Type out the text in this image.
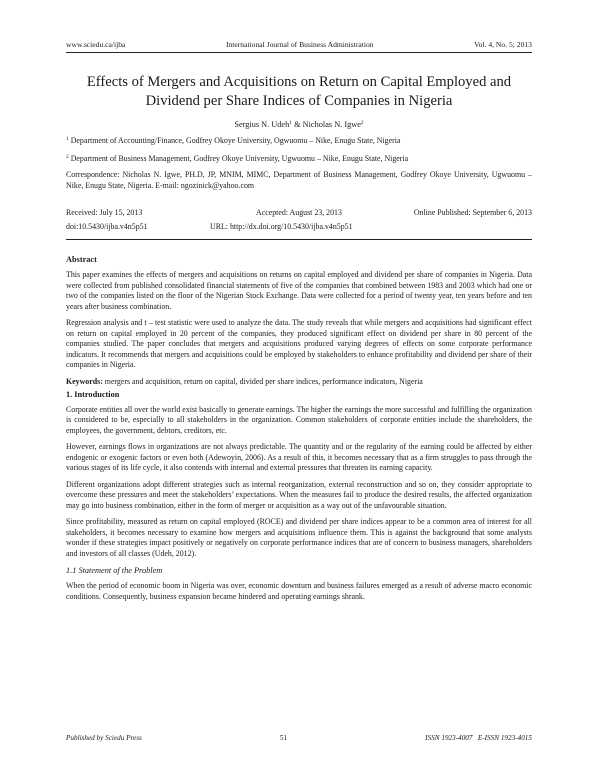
www.sciedu.ca/ijba	International Journal of Business Administration	Vol. 4, No. 5; 2013
Effects of Mergers and Acquisitions on Return on Capital Employed and Dividend per Share Indices of Companies in Nigeria
Sergius N. Udeh$^1$ & Nicholas N. Igwe$^2$
$^1$ Department of Accounting/Finance, Godfrey Okoye University, Ogwuomu – Nike, Enugu State, Nigeria
$^2$ Department of Business Management, Godfrey Okoye University, Ugwuomu – Nike, Enugu State, Nigeria

Correspondence: Nicholas N. Igwe, PH.D, JP, MNIM, MIMC, Department of Business Management, Godfrey Okoye University, Ugwuomu – Nike, Enugu State, Nigeria. E-mail: ngozinick@yahoo.com

Received: July 15, 2013	Accepted: August 23, 2013	Online Published: September 6, 2013
doi:10.5430/ijba.v4n5p51	URL: http://dx.doi.org/10.5430/ijba.v4n5p51
Abstract

This paper examines the effects of mergers and acquisitions on returns on capital employed and dividend per share of companies in Nigeria. Data were collected from published consolidated financial statements of five of the companies that combined between 1983 and 2003 which had one or two of the companies listed on the floor of the Nigerian Stock Exchange. Data were collected for a period of twenty year, ten years before and ten years after business combination.

Regression analysis and t – test statistic were used to analyze the data. The study reveals that while mergers and acquisitions had significant effect on return on capital employed in 20 percent of the companies, they produced significant effect on dividend per share in 80 percent of the companies studied. The paper concludes that mergers and acquisitions produced varying degrees of effects on some corporate performance indicators. It recommends that mergers and acquisitions could be employed by stakeholders to enhance profitability and dividend per share of their companies in Nigeria.

Keywords: mergers and acquisition, return on capital, divided per share indices, performance indicators, Nigeria
1. Introduction

Corporate entities all over the world exist basically to generate earnings. The higher the earnings the more successful and fulfilling the organization is considered to be, especially to all stakeholders in the organization. Common stakeholders of corporate entities include the shareholders, the employees, the government, debtors, creditors, etc.

However, earnings flows in organizations are not always predictable. The quantity and or the regularity of the earning could be affected by either endogenic or exogenic factors or even both (Adewoyin, 2006). As a result of this, it becomes necessary that as a firm struggles to pass through the various stages of its life cycle, it also contends with internal and external pressures that threaten its earning capacity.

Different organizations adopt different strategies such as internal reorganization, external reconstruction and so on, they consider appropriate to overcome these pressures and meet the stakeholders’ expectations. When the measures fail to produce the desired results, the affected organization may go into business combination, either in the form of merger or acquisition as a way out of the unfavourable situation.

Since profitability, measured as return on capital employed (ROCE) and dividend per share indices appear to be a common area of interest for all stakeholders, it becomes necessary to examine how mergers and acquisitions influence them. This is against the background that some analysts wonder if these strategies impact positively or negatively on corporate performance indices that are of concern to business managers, shareholders and investors of all classes (Udeh, 2012).

1.1 Statement of the Problem

When the period of economic boom in Nigeria was over, economic downturn and business failures emerged as a result of adverse macro economic conditions. Consequently, business expansion became hindered and operating earnings shrank.

Published by Sciedu Press	51	ISSN 1923-4007   E-ISSN 1923-4015
